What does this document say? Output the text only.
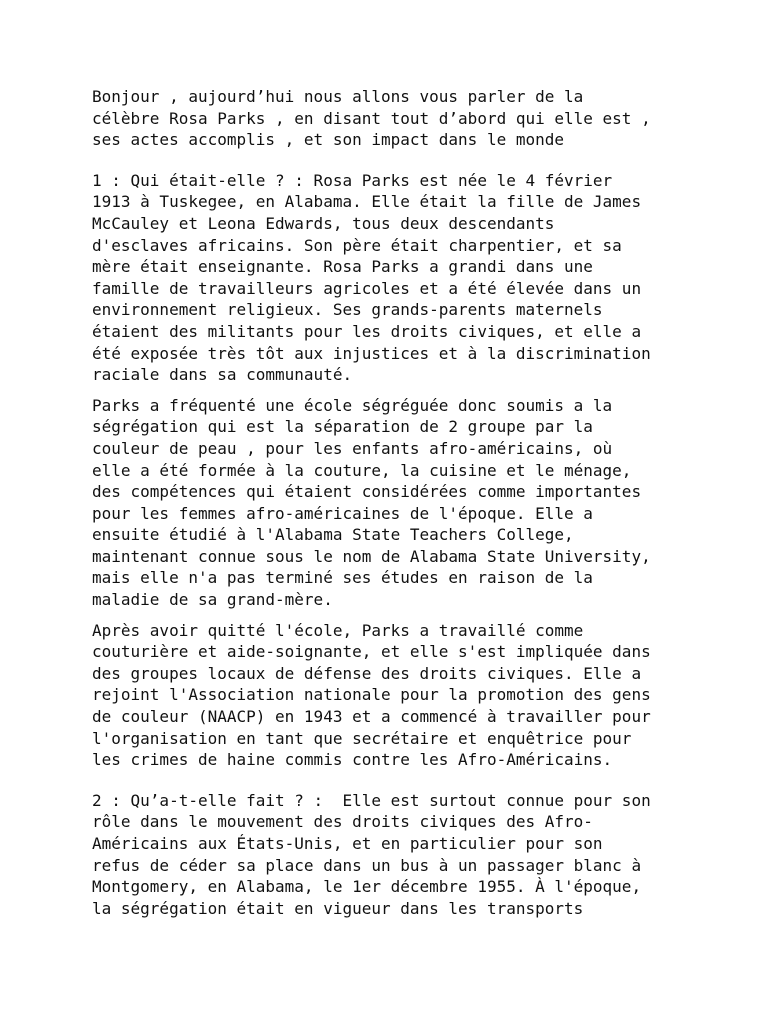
Bonjour , aujourd’hui nous allons vous parler de la
célèbre Rosa Parks , en disant tout d’abord qui elle est ,
ses actes accomplis , et son impact dans le monde
1 : Qui était-elle ? : Rosa Parks est née le 4 février
1913 à Tuskegee, en Alabama. Elle était la fille de James
McCauley et Leona Edwards, tous deux descendants
d'esclaves africains. Son père était charpentier, et sa
mère était enseignante. Rosa Parks a grandi dans une
famille de travailleurs agricoles et a été élevée dans un
environnement religieux. Ses grands-parents maternels
étaient des militants pour les droits civiques, et elle a
été exposée très tôt aux injustices et à la discrimination
raciale dans sa communauté.
Parks a fréquenté une école ségréguée donc soumis a la
ségrégation qui est la séparation de 2 groupe par la
couleur de peau , pour les enfants afro-américains, où
elle a été formée à la couture, la cuisine et le ménage,
des compétences qui étaient considérées comme importantes
pour les femmes afro-américaines de l'époque. Elle a
ensuite étudié à l'Alabama State Teachers College,
maintenant connue sous le nom de Alabama State University,
mais elle n'a pas terminé ses études en raison de la
maladie de sa grand-mère.
Après avoir quitté l'école, Parks a travaillé comme
couturière et aide-soignante, et elle s'est impliquée dans
des groupes locaux de défense des droits civiques. Elle a
rejoint l'Association nationale pour la promotion des gens
de couleur (NAACP) en 1943 et a commencé à travailler pour
l'organisation en tant que secrétaire et enquêtrice pour
les crimes de haine commis contre les Afro-Américains.
2 : Qu’a-t-elle fait ? :  Elle est surtout connue pour son
rôle dans le mouvement des droits civiques des Afro-
Américains aux États-Unis, et en particulier pour son
refus de céder sa place dans un bus à un passager blanc à
Montgomery, en Alabama, le 1er décembre 1955. À l'époque,
la ségrégation était en vigueur dans les transports
